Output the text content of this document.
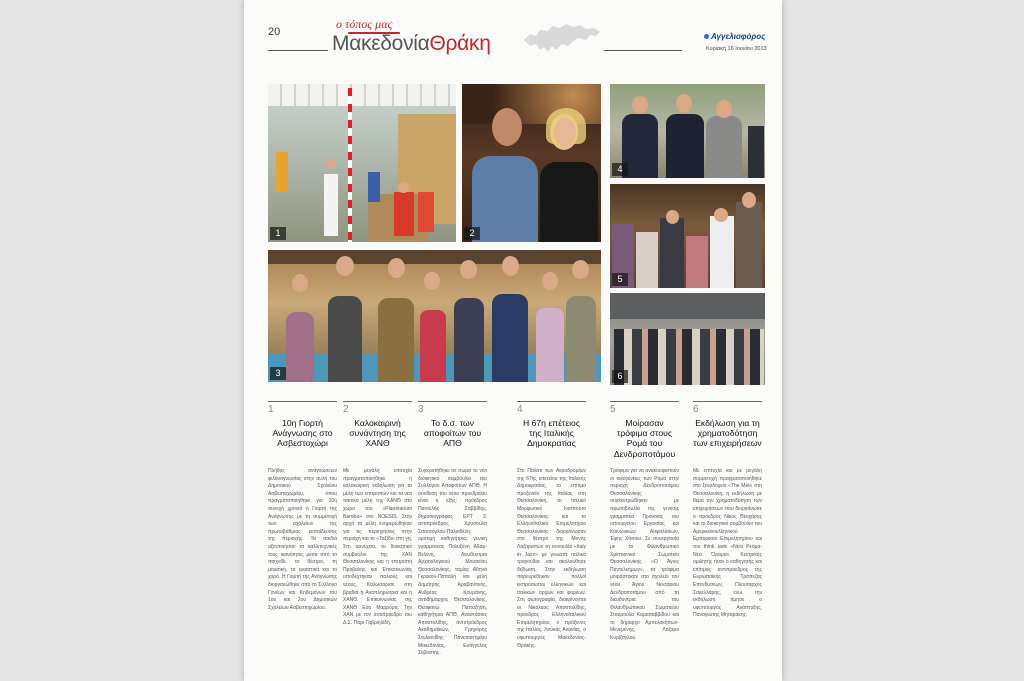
20
ο τόπος μας
ΜακεδονίαΘράκη	Αγγελιοφόρος
Κυριακή 16 Ιουνίου 2013
1	2
3
4
5
6
1
10η Γιορτή Ανάγνωσης στο Ασβεστοχώρι
Πλήθος ανάγνώσεων φιλαναγνωσίας στην αυλή του Δημοτικού Σχολείου Ασβεστοχωρίου, όπου πραγματοποιήθηκε για 10η συνεχή χρονιά η Γιορτή της Ανάγνωσης με τη συμμετοχή των σχολείων της πρωτοβάθμιας εκπαίδευσης της περιοχής. Τα παιδιά αξιοποιήσαν τα καλλιτεχνικές τους ικανότητες μέσα από το παιχνίδι, το θέατρο, τη μουσική, τα εικαστικά και το χορό. Η Γιορτή της Ανάγνωσης διοργανώθηκε από το Σύλλογο Γονέων και Κηδεμόνων του 1ου και 2ου Δημοτικών Σχολείων Ασβεστοχωρίου.
2
Καλοκαιρινή συνάντηση της ΧΑΝΘ
Με μεγάλη επιτυχία πραγματοποιήθηκε η καλοκαιρινή εκδήλωση για τα μέλη των επιτροπών και τα νέα τακτικά μέλη της ΧΑΝΘ στο χώρο του «Planetarium Baroba» στο NOESIS. Στην αρχή τα μέλη ενημερώθηκαν για τις περιηγήσεις στην περιοχή και το «Ταξίδι» στη γη. Στη συνέχεια, το διοικητικό συμβούλιο της ΧΑΝ Θεσσαλονίκης και η επιτροπή Προβολής και Επικοινωνίας υποδέχτηκαν παλιούς και νέους. Καλωσόρισε στη βραδιά η Αναπληρώτρια και η ΧΑΝΘ. Επικοινωνίας της ΧΑΝΘ Εύα Μαρρόρα. Την ΧΑΝ με τον αντιπρόεδρο του Δ.Σ. Πάρι Γαβριηλίδη.
3
Το δ.σ. των αποφοίτων του ΑΠΘ
Συγκροτήθηκε σε σώμα το νέο διοικητικό συμβούλιο του Συλλόγου Αποφοίτων ΑΠΘ. Η σύνθεση του νέου προεδρείου είναι η εξής: πρόεδρος Παντελής Σαββίδης, δημοσιογράφος ΕΡΤ 3, αντιπρόεδρος Χρυσούλα Σαατσόγλου-Παλιαδέλη, ομότιμη καθηγήτρια, γενική γραμματέας Πολυξένη Αδάμ-Βελένη, διευθύντρια Αρχαιολογικού Μουσείου Θεσσαλονίκης, ταμίας Αθηνά Γκρέκου-Παπαλή και μέλη Δημήτρης Αραβαντινός, Ανδρέας Κουμάνης, αντιδήμαρχος Θεσσαλονίκης, Θεοφανώ Παπαζήση, καθηγήτρια ΑΠΘ, Αναστάσιος Αποστολίδης, αντιπρόεδρος Ακαδημαϊκών, Γρηγόρης Στυλιανίδης Πανεπιστημίου Μακεδονίας, Ευάγγελος Σεβαστής.
4
Η 67η επέτειος της Ιταλικής Δημοκρατίας
Στο Παλάτι των Αεροδρομίων της 67ης επετείου της Ιταλικής Δημοκρατίας, το επίτιμο προξενείο της Ιταλίας στη Θεσσαλονίκη, το Ιταλικό Μορφωτικό Ινστιτούτο Θεσσαλονίκης και το Ελληνοϊταλικό Επιμελητήριο Θεσσαλονίκης διοργάνωσαν στο θέατρο της Μονής Λαζαριστών τη συναυλία «Italy in Jazz» με γνωστά ιταλικά τραγούδια και ακολούθησε δεξίωση. Στην εκδήλωση παρευρέθηκαν πολλοί εκπρόσωποι ελληνικών και ιταλικών αρχών και φορέων. Στη φωτογραφία, διακρίνονται οι Νικόλαος Αποστολίδης, πρόεδρος Ελληνοϊταλικού Επιμελητηρίου, ο πρόξενος της Ιταλίας, Λουκάς Ανανίας, ο υφυπουργός Μακεδονίας-Θράκης.
5
Μοίρασαν τρόφιμα στους Ρομά του Δενδροποτάμου
Τρόφιμα για να ανακουφιστούν οι οικογένειες των Ρομά στην περιοχή Δενδροποτάμου Θεσσαλονίκης συγκεντρώθηκαν με πρωτοβουλία της γενικής γραμματέα Πρόνοιας του υπουργείου Εργασίας και Κοινωνικών Ασφαλίσεων, Έφης Χίτσιου. Σε συνεργασία με το Φιλανθρωπικό Χριστιανικό Σωματείο Θεσσαλονίκης «Ο Άγιος Παντελεήμων», τα τρόφιμα μοιράστηκαν στο σχολείο του νέου Άγιου Νεκτάριου Δενδροποτάμου από τη διευθύντρια του Φιλανθρωπικού Σωματείου Σταυρούλα Καρασαββίδου και το δήμαρχο Αμπελοκήπων-Μενεμένης, Λάζαρο Κυρίζογλου.
6
Εκδήλωση για τη χρηματοδότηση των επιχειρήσεων
Με επιτυχία και με μεγάλη συμμετοχή πραγματοποιήθηκε στο ξενοδοχείο «The Met» στη Θεσσαλονίκη, η εκδήλωση με θέμα την χρηματοδότηση των επιχειρήσεων που διοργάνωσε ο πρόεδρος Νίκος Θεοχάρης και το διοικητικό συμβούλιο του Αμερικανοελληνικού Εμπορικού Επιμελητηρίου και του think tank «Νέοι Ρεόμα-Νέο Όραμα». Κεντρικός ομιλητής ήταν ο καθηγητής και επίτιμος αντιπρόεδρος της Ευρωπαϊκής Τράπεζας Επενδύσεων, Πλούταρχος Σακελλάρης, ενώ την εκδήλωση τίμησε ο υφυπουργός Ανάπτυξης, Παναγιώτης Μηταράκης.
